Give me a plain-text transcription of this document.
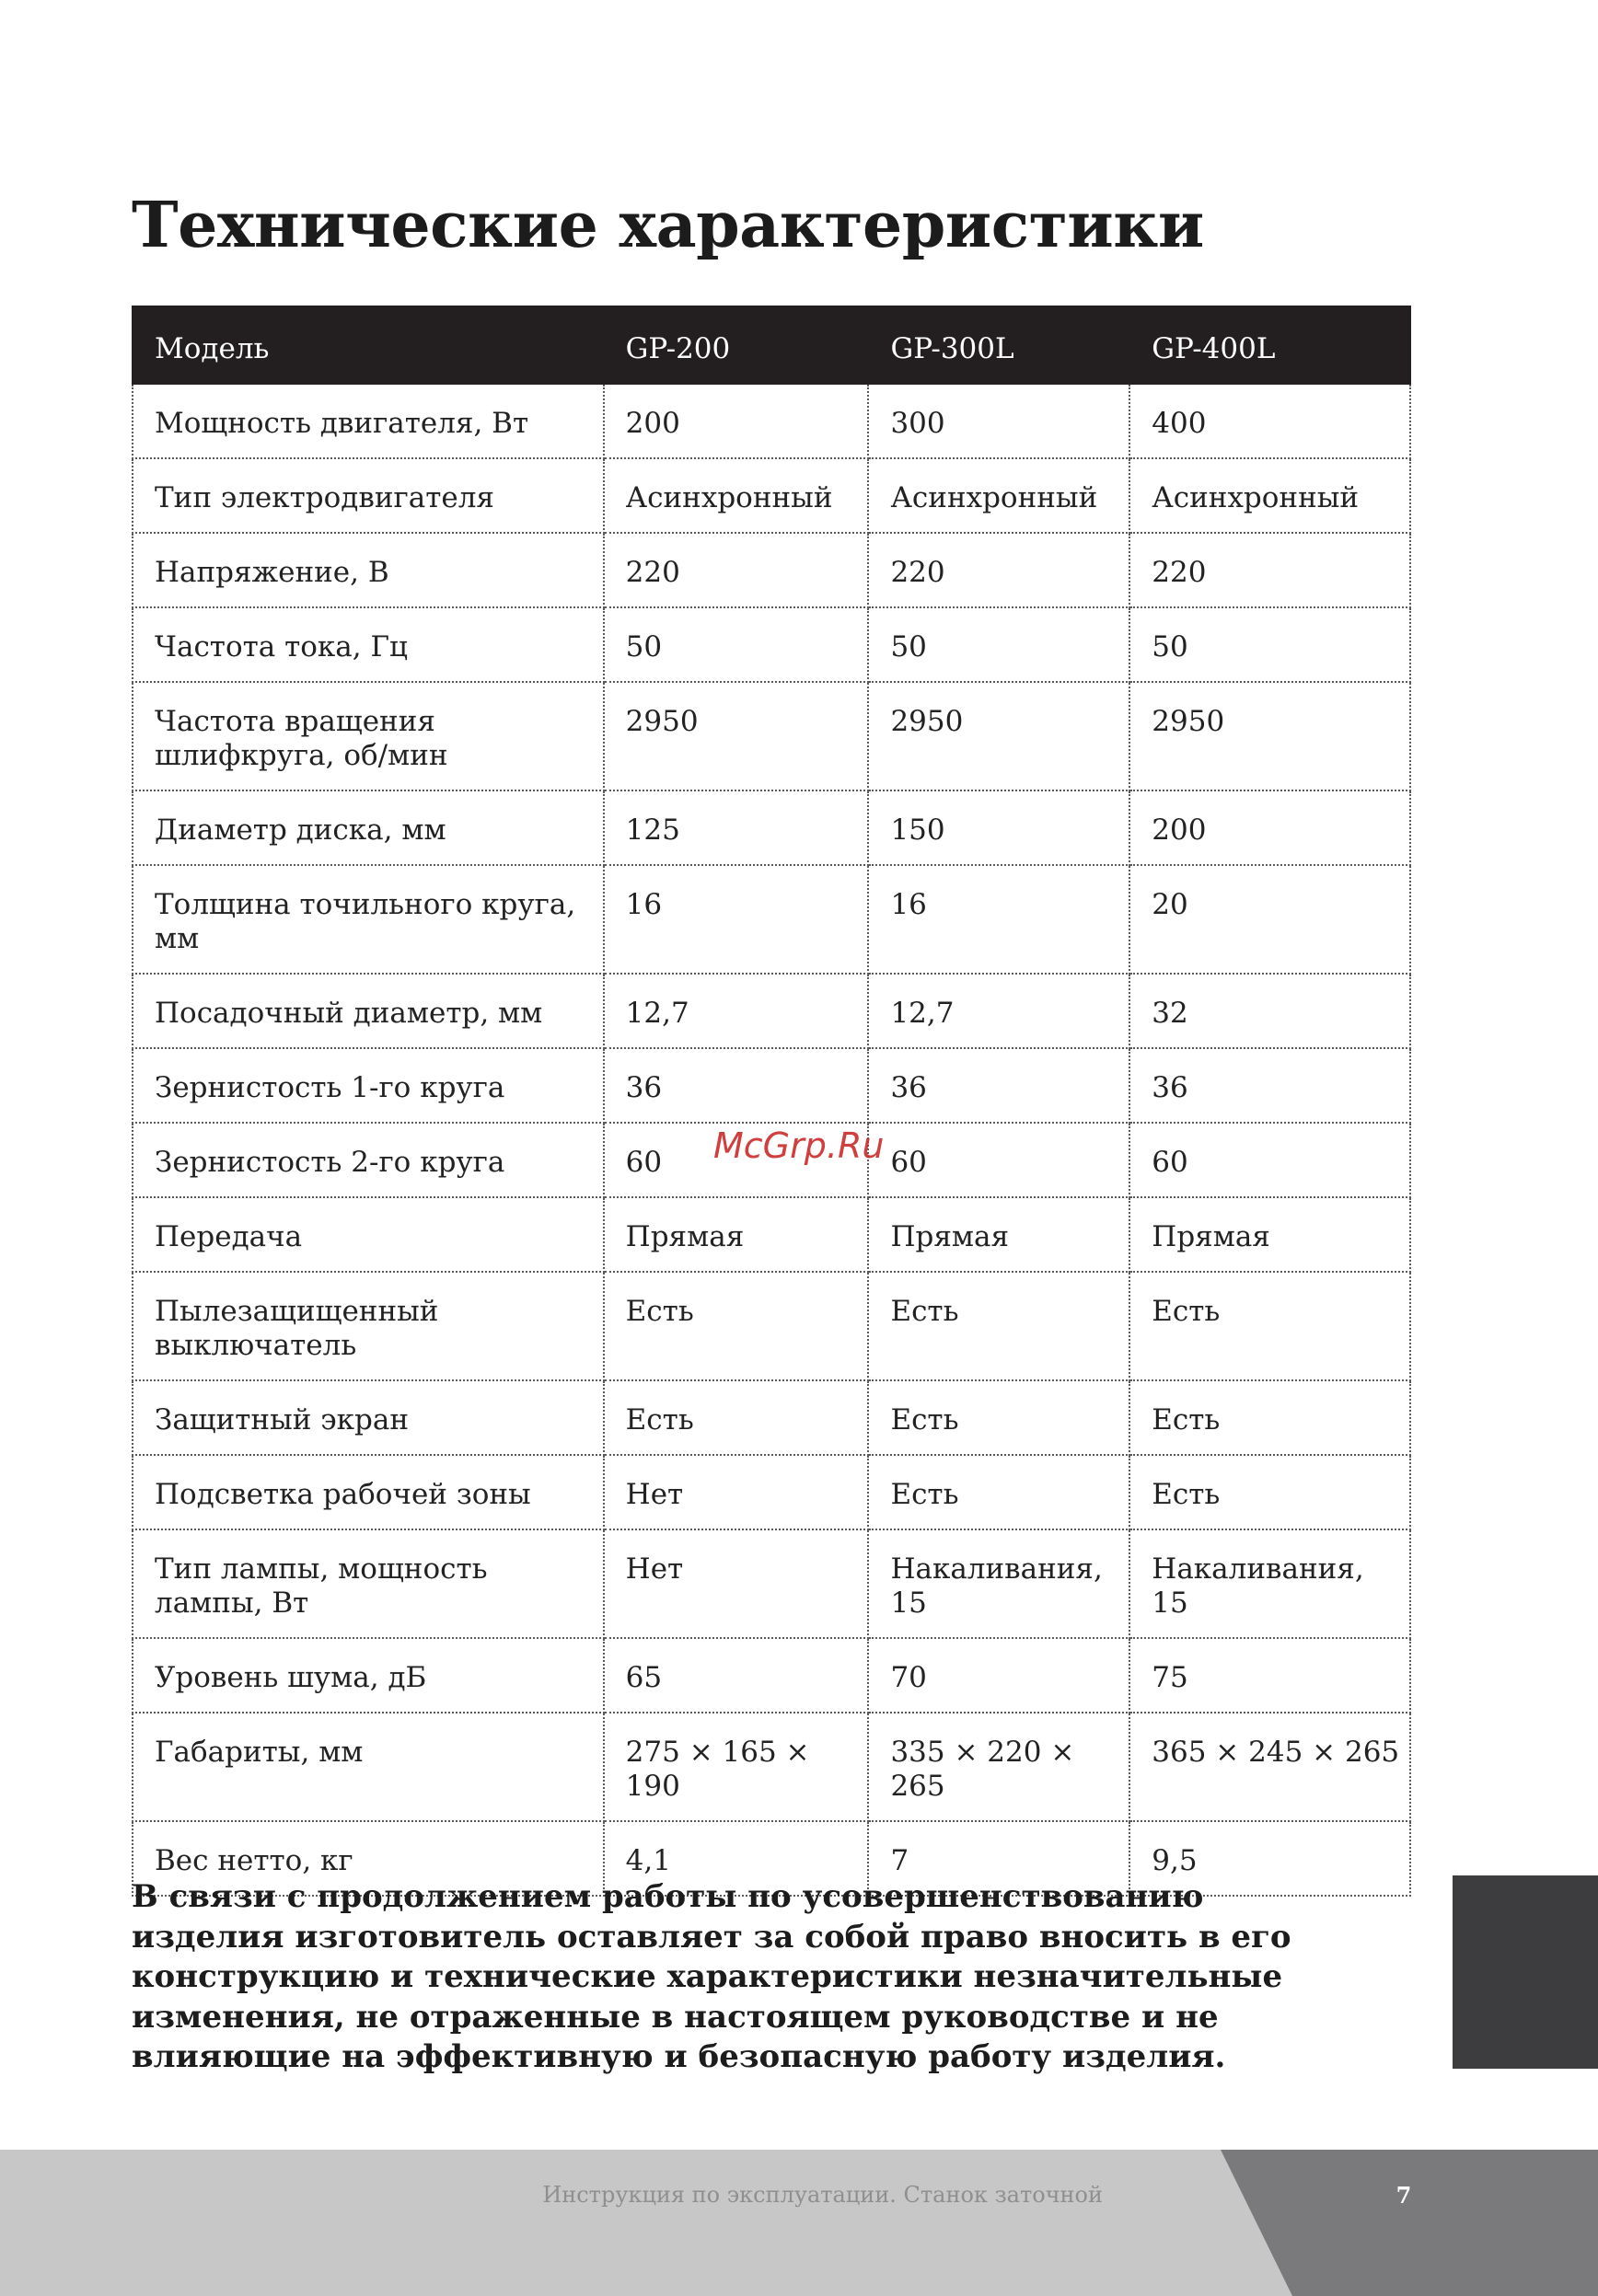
Технические характеристики
Модель	GP-200	GP-300L	GP-400L
Мощность двигателя, Вт	200	300	400
Тип электродвигателя	Асинхронный	Асинхронный	Асинхронный
Напряжение, В	220	220	220
Частота тока, Гц	50	50	50
Частота вращения шлифкруга, об/мин	2950	2950	2950
Диаметр диска, мм	125	150	200
Толщина точильного круга, мм	16	16	20
Посадочный диаметр, мм	12,7	12,7	32
Зернистость 1-го круга	36	36	36
Зернистость 2-го круга	60	60	60
Передача	Прямая	Прямая	Прямая
Пылезащищенный выключатель	Есть	Есть	Есть
Защитный экран	Есть	Есть	Есть
Подсветка рабочей зоны	Нет	Есть	Есть
Тип лампы, мощность лампы, Вт	Нет	Накаливания, 15	Накаливания, 15
Уровень шума, дБ	65	70	75
Габариты, мм	275 × 165 × 190	335 × 220 × 265	365 × 245 × 265
Вес нетто, кг	4,1	7	9,5
McGrp.Ru

В связи с продолжением работы по усовершенствованию изделия изготовитель оставляет за собой право вносить в его конструкцию и технические характеристики незначительные изменения, не отраженные в настоящем руководстве и не влияющие на эффективную и безопасную работу изделия.

Инструкция по эксплуатации. Станок заточной	7
